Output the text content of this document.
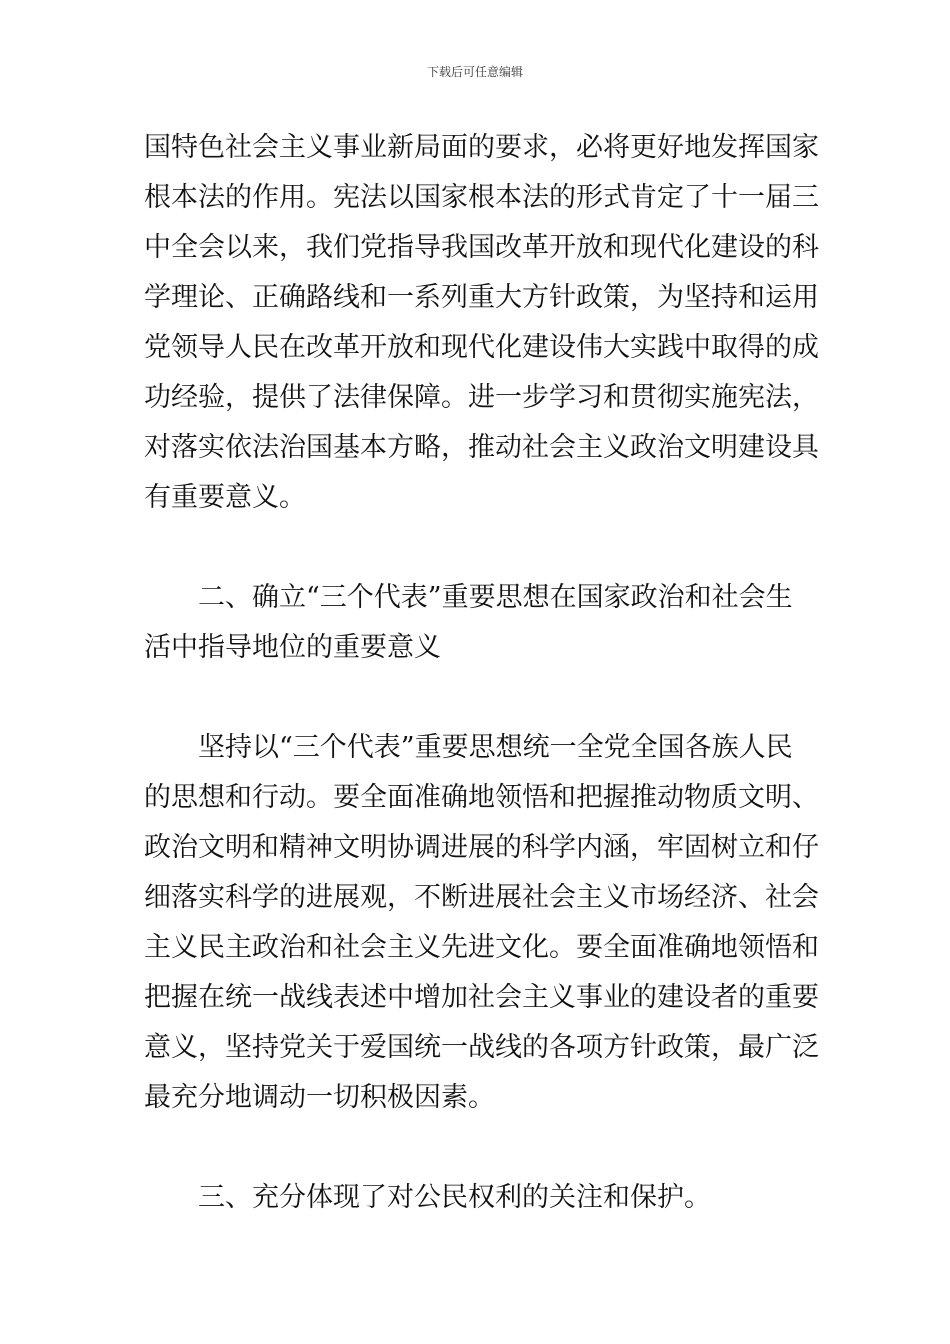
下载后可任意编辑
国特色社会主义事业新局面的要求，必将更好地发挥国家
根本法的作用。宪法以国家根本法的形式肯定了十一届三
中全会以来，我们党指导我国改革开放和现代化建设的科
学理论、正确路线和一系列重大方针政策，为坚持和运用
党领导人民在改革开放和现代化建设伟大实践中取得的成
功经验，提供了法律保障。进一步学习和贯彻实施宪法，
对落实依法治国基本方略，推动社会主义政治文明建设具
有重要意义。
　　二、确立“三个代表”重要思想在国家政治和社会生
活中指导地位的重要意义
　　坚持以“三个代表”重要思想统一全党全国各族人民
的思想和行动。要全面准确地领悟和把握推动物质文明、
政治文明和精神文明协调进展的科学内涵，牢固树立和仔
细落实科学的进展观，不断进展社会主义市场经济、社会
主义民主政治和社会主义先进文化。要全面准确地领悟和
把握在统一战线表述中增加社会主义事业的建设者的重要
意义，坚持党关于爱国统一战线的各项方针政策，最广泛
最充分地调动一切积极因素。
　　三、充分体现了对公民权利的关注和保护。
